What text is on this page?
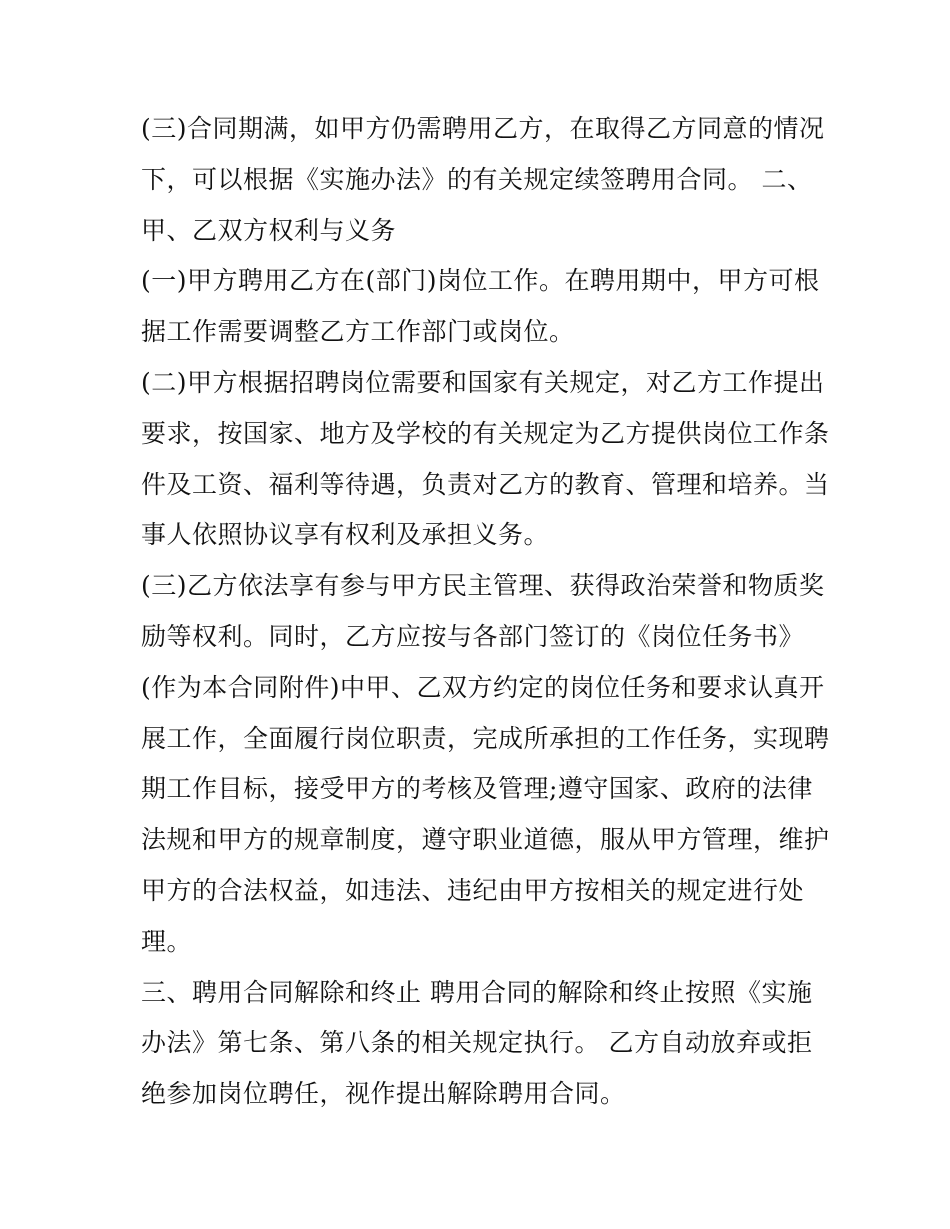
(三)合同期满，如甲方仍需聘用乙方，在取得乙方同意的情况
下，可以根据《实施办法》的有关规定续签聘用合同。 二、
甲、乙双方权利与义务
(一)甲方聘用乙方在(部门)岗位工作。在聘用期中，甲方可根
据工作需要调整乙方工作部门或岗位。
(二)甲方根据招聘岗位需要和国家有关规定，对乙方工作提出
要求，按国家、地方及学校的有关规定为乙方提供岗位工作条
件及工资、福利等待遇，负责对乙方的教育、管理和培养。当
事人依照协议享有权利及承担义务。
(三)乙方依法享有参与甲方民主管理、获得政治荣誉和物质奖
励等权利。同时，乙方应按与各部门签订的《岗位任务书》
(作为本合同附件)中甲、乙双方约定的岗位任务和要求认真开
展工作，全面履行岗位职责，完成所承担的工作任务，实现聘
期工作目标，接受甲方的考核及管理;遵守国家、政府的法律
法规和甲方的规章制度，遵守职业道德，服从甲方管理，维护
甲方的合法权益，如违法、违纪由甲方按相关的规定进行处
理。
三、聘用合同解除和终止 聘用合同的解除和终止按照《实施
办法》第七条、第八条的相关规定执行。 乙方自动放弃或拒
绝参加岗位聘任，视作提出解除聘用合同。
